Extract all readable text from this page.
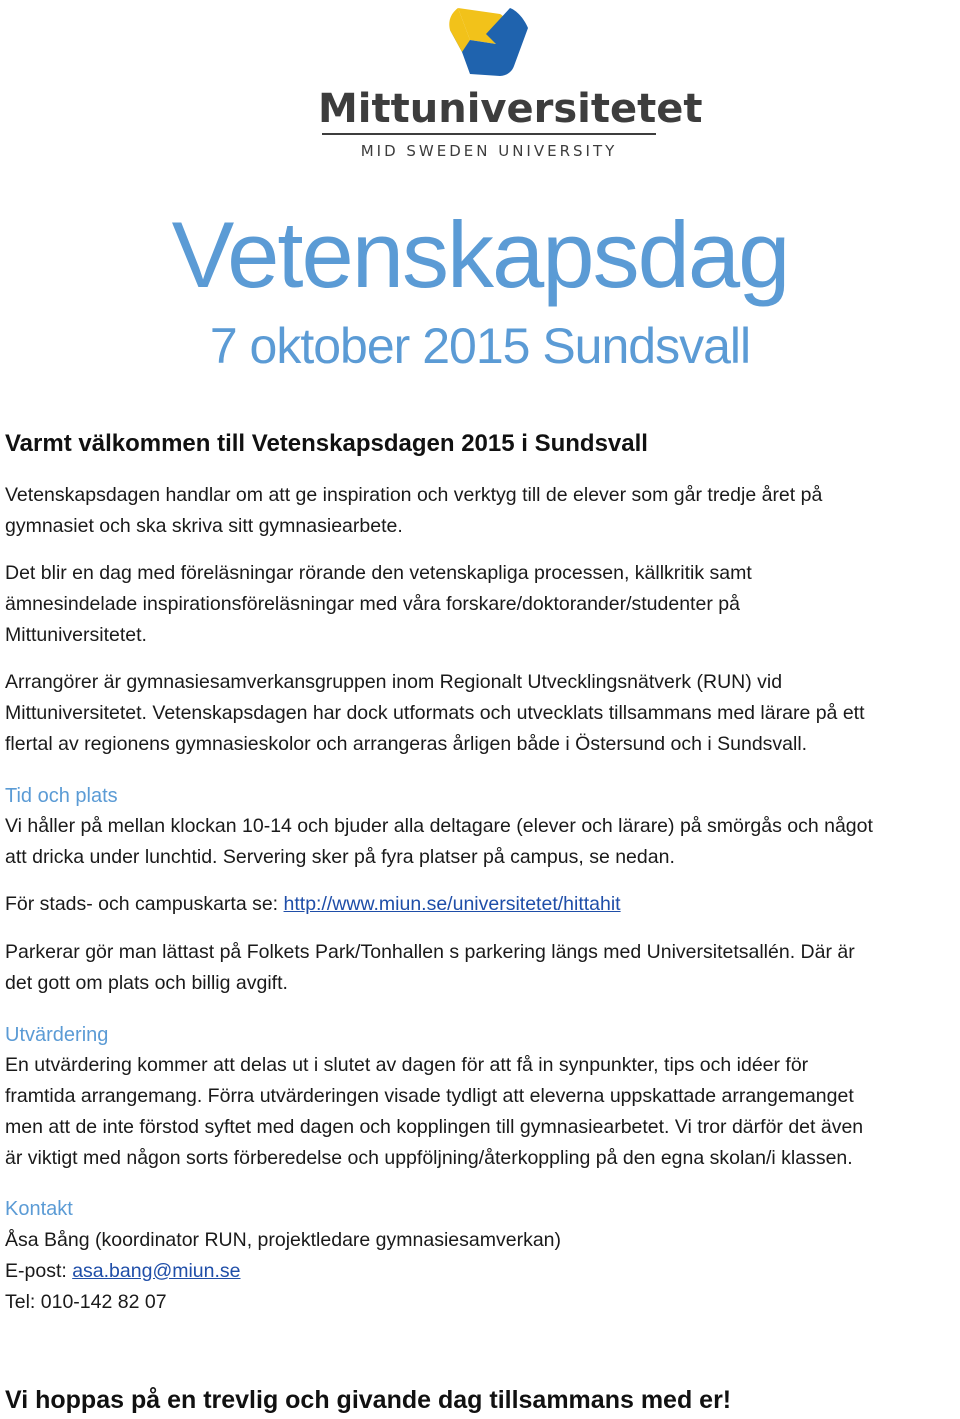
Mittuniversitetet
MID SWEDEN UNIVERSITY
Vetenskapsdag
7 oktober 2015 Sundsvall
Varmt välkommen till Vetenskapsdagen 2015 i Sundsvall
Vetenskapsdagen handlar om att ge inspiration och verktyg till de elever som går tredje året på
gymnasiet och ska skriva sitt gymnasiearbete.
Det blir en dag med föreläsningar rörande den vetenskapliga processen, källkritik samt
ämnesindelade inspirationsföreläsningar med våra forskare/doktorander/studenter på
Mittuniversitetet.
Arrangörer är gymnasiesamverkansgruppen inom Regionalt Utvecklingsnätverk (RUN) vid
Mittuniversitetet. Vetenskapsdagen har dock utformats och utvecklats tillsammans med lärare på ett
flertal av regionens gymnasieskolor och arrangeras årligen både i Östersund och i Sundsvall.
Tid och plats
Vi håller på mellan klockan 10-14 och bjuder alla deltagare (elever och lärare) på smörgås och något
att dricka under lunchtid. Servering sker på fyra platser på campus, se nedan.
För stads- och campuskarta se: http://www.miun.se/universitetet/hittahit
Parkerar gör man lättast på Folkets Park/Tonhallen s parkering längs med Universitetsallén. Där är
det gott om plats och billig avgift.
Utvärdering
En utvärdering kommer att delas ut i slutet av dagen för att få in synpunkter, tips och idéer för
framtida arrangemang. Förra utvärderingen visade tydligt att eleverna uppskattade arrangemanget
men att de inte förstod syftet med dagen och kopplingen till gymnasiearbetet. Vi tror därför det även
är viktigt med någon sorts förberedelse och uppföljning/återkoppling på den egna skolan/i klassen.
Kontakt
Åsa Bång (koordinator RUN, projektledare gymnasiesamverkan)
E-post: asa.bang@miun.se
Tel: 010-142 82 07
Vi hoppas på en trevlig och givande dag tillsammans med er!
